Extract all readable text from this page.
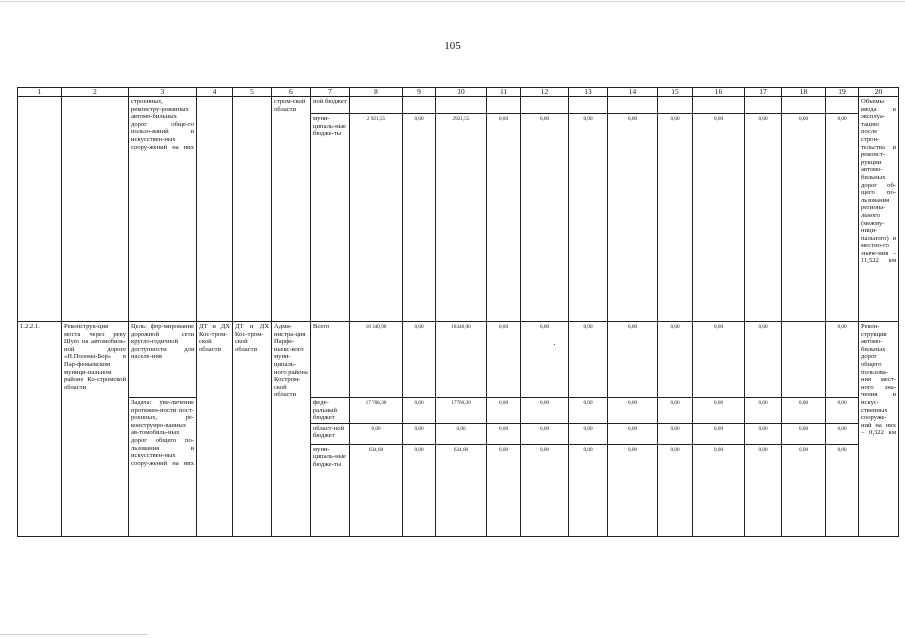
105
1	2	3	4	5	6	7	8	9	10	11	12	13	14	15	16	17	18	19	20
		строенных, реконстру-рованных автомо-бильных дорог обще-го пользо-ваний и искусствен-ных соору-жений на них			стром-ской области	ной бюджет													Объемы ввода в эксплуа-тацию после строи-тельства и реконст-рукции автомо-бильных дорог об-щего по-льзования регионa-льного (межму-ници-пального) и местно-го значе-ния – 11,522 км
						муни-ципаль-ные бюдже-ты	2 921,55	0,00	2921,55	0,00	0,00	0,00	0,00	0,00	0,00	0,00	0,00	0,00	
1.2.2.1.	Реконструк-ция моста через реку Шую на автомобиль-ной дороге «Н.Полома-Бор» в Пар-феньевском муници-пальном районе Ко-стромской области	Цель: фор-мирование дорожной сети кругло-годичной доступности для населе-ния	ДТ и ДХ Кос-тром-ской области	ДТ и ДХ Кос-тром-ской области	Адми-нистра-ция Парфе-ньевс-кого муни-ципаль-ного района Костром-ской области	Всего	18 340,90	0,00	18340,90	0,00	0,00	0,00	0,00	0,00	0,00	0,00		0,00	Рекон-струкция автомо-бильных дорог общего пользова-ния мест-ного зна-чения и искус-ственных сооруже-ний на них – 0,322 км
		Задача: уве-личение протяжен-ности пост-роенных, ре-конструиро-ванных ав-томобиль-ных дорог общего по-льзования и искусствен-ных соору-жений на них				феде-ральный бюджет	17 706,30	0,00	17706,30	0,00	0,00	0,00	0,00	0,00	0,00	0,00	0,00	0,00	
						област-ной бюджет	0,00	0,00	0,00	0,00	0,00	0,00	0,00	0,00	0,00	0,00	0,00	0,00	
						муни-ципаль-ные бюдже-ты	634,60	0,00	634,60	0,00	0,00	0,00	0,00	0,00	0,00	0,00	0,00	0,00	
